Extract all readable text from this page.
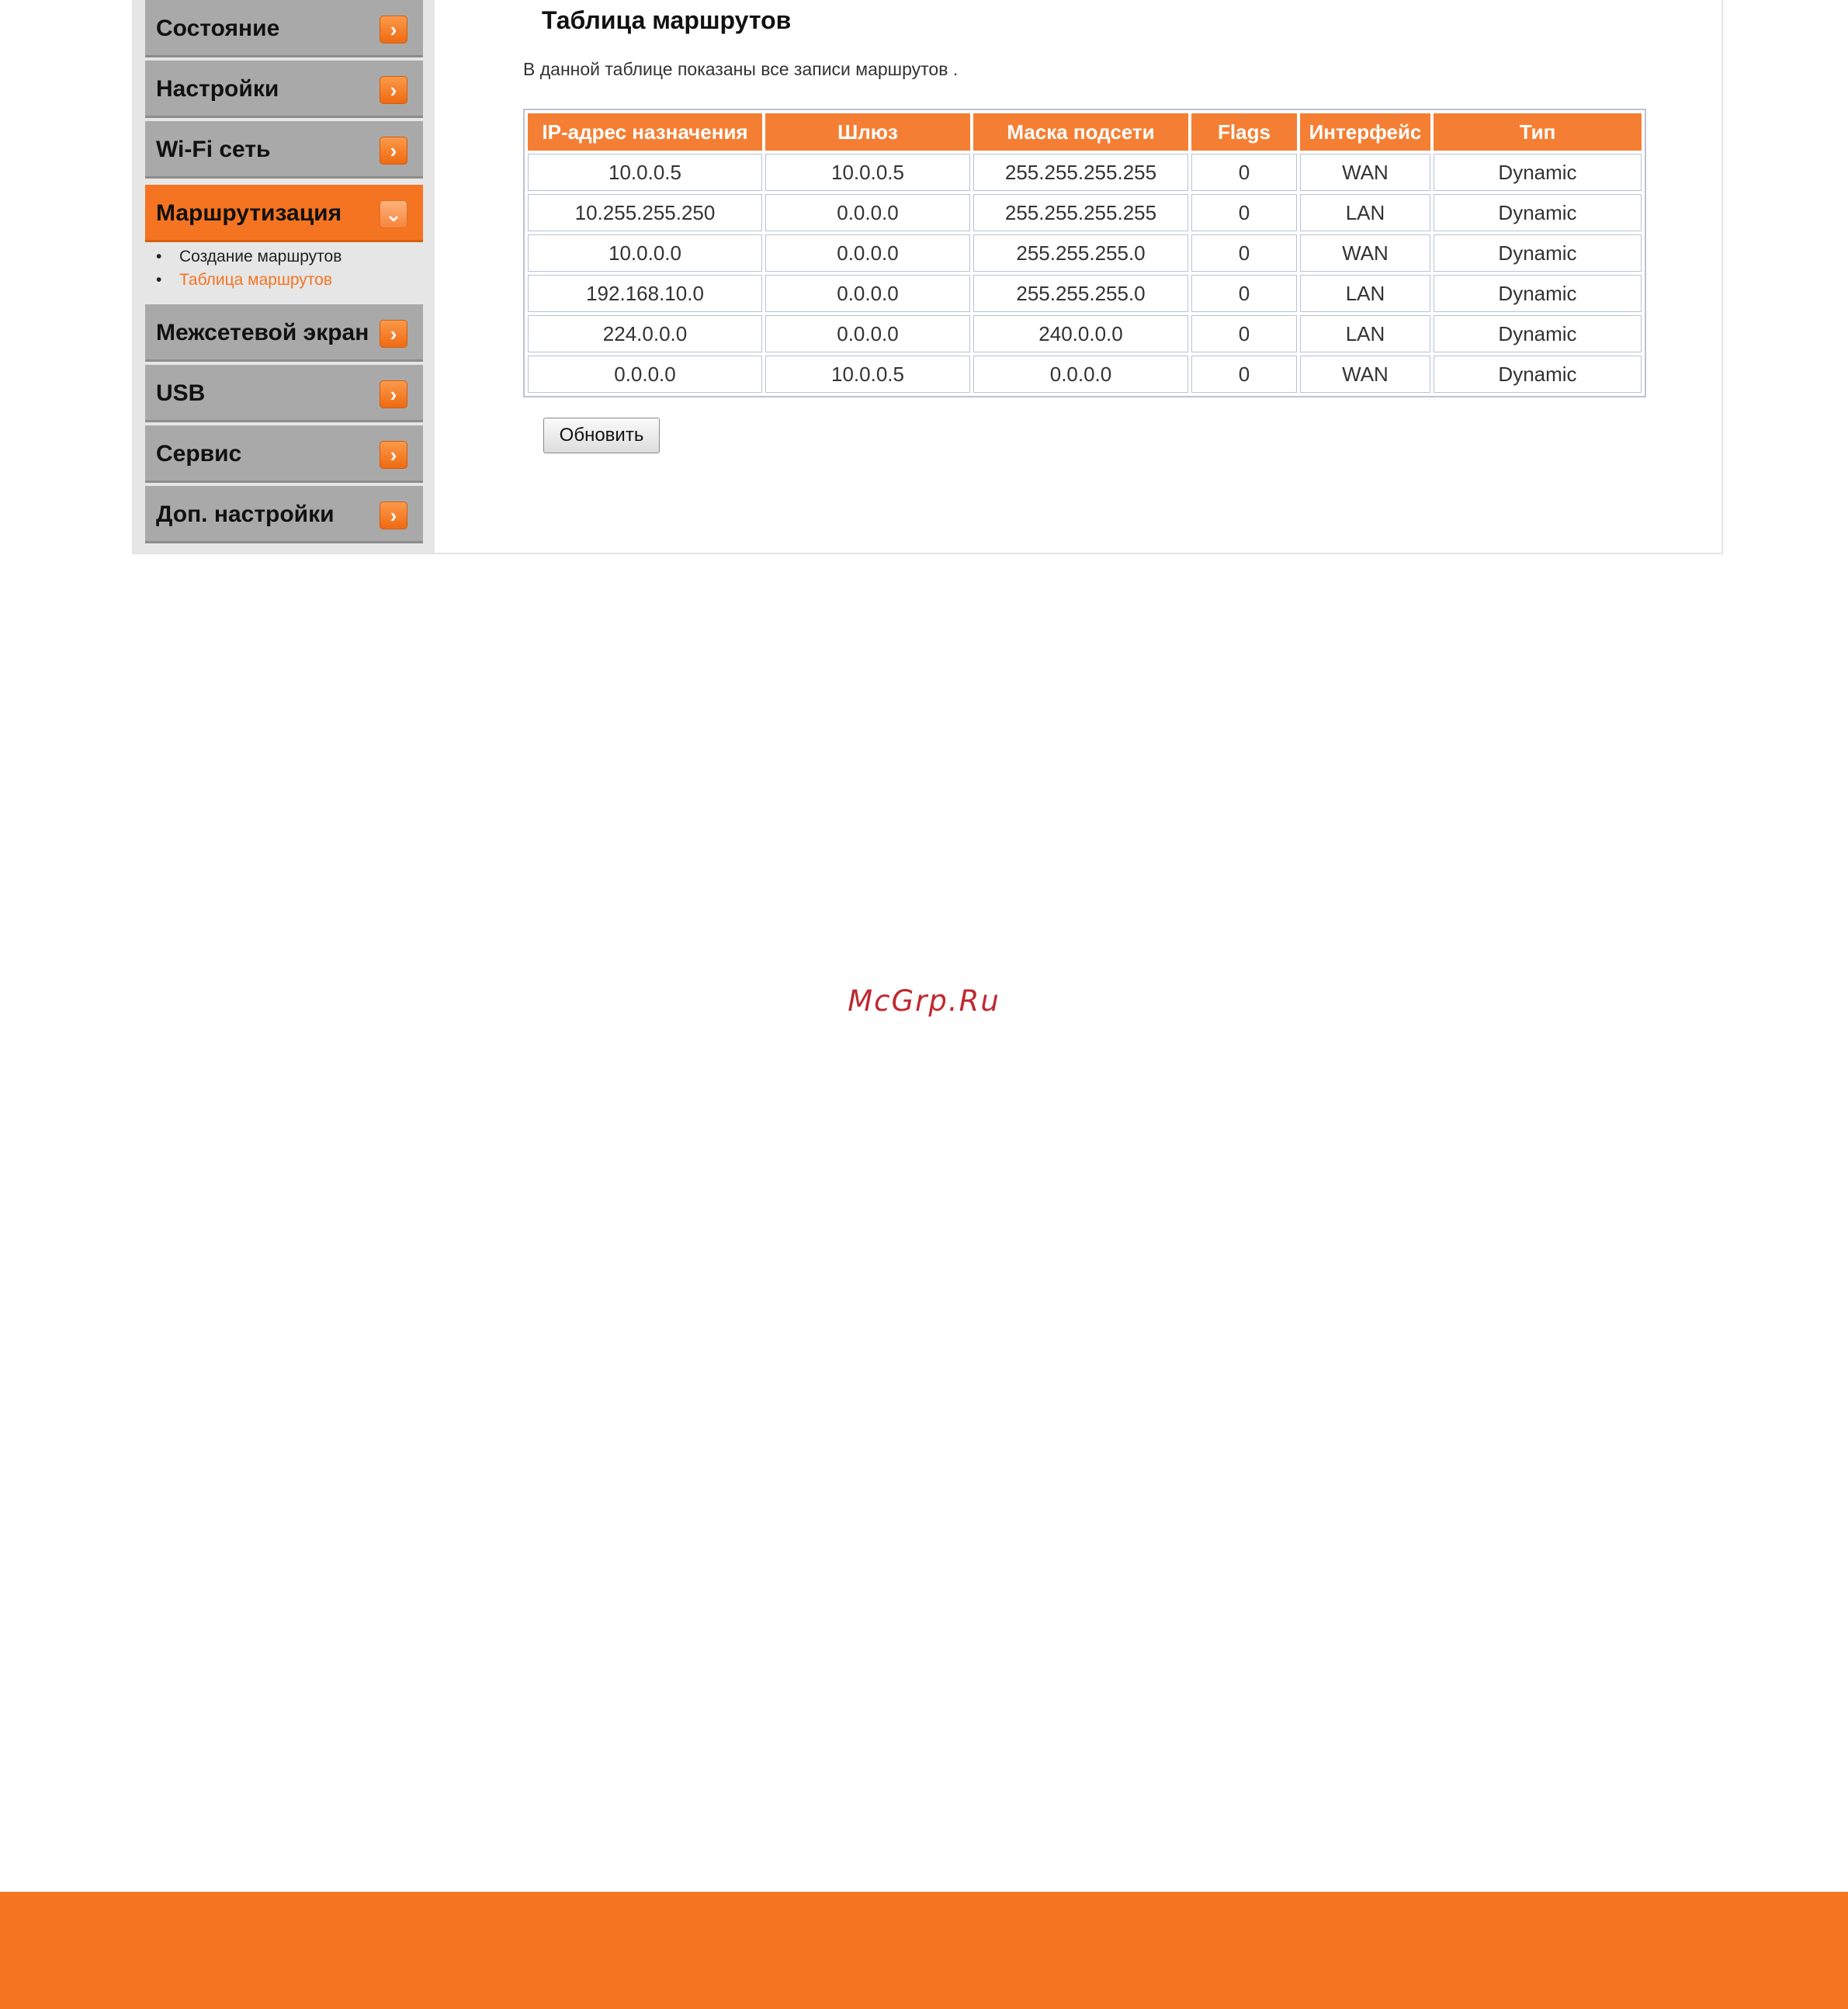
Состояние	›
Настройки	›
Wi-Fi сеть	›
Маршрутизация ⌄
• Создание маршрутов
• Таблица маршрутов
Межсетевой экран	›
USB	›
Сервис	›
Доп. настройки	›
Таблица маршрутов

В данной таблице показаны все записи маршрутов .

IP-адрес назначения	Шлюз	Маска подсети	Flags	Интерфейс	Тип
10.0.0.5	10.0.0.5	255.255.255.255	0	WAN	Dynamic
10.255.255.250	0.0.0.0	255.255.255.255	0	LAN	Dynamic
10.0.0.0	0.0.0.0	255.255.255.0	0	WAN	Dynamic
192.168.10.0	0.0.0.0	255.255.255.0	0	LAN	Dynamic
224.0.0.0	0.0.0.0	240.0.0.0	0	LAN	Dynamic
0.0.0.0	10.0.0.5	0.0.0.0	0	WAN	Dynamic
Обновить
McGrp.Ru
